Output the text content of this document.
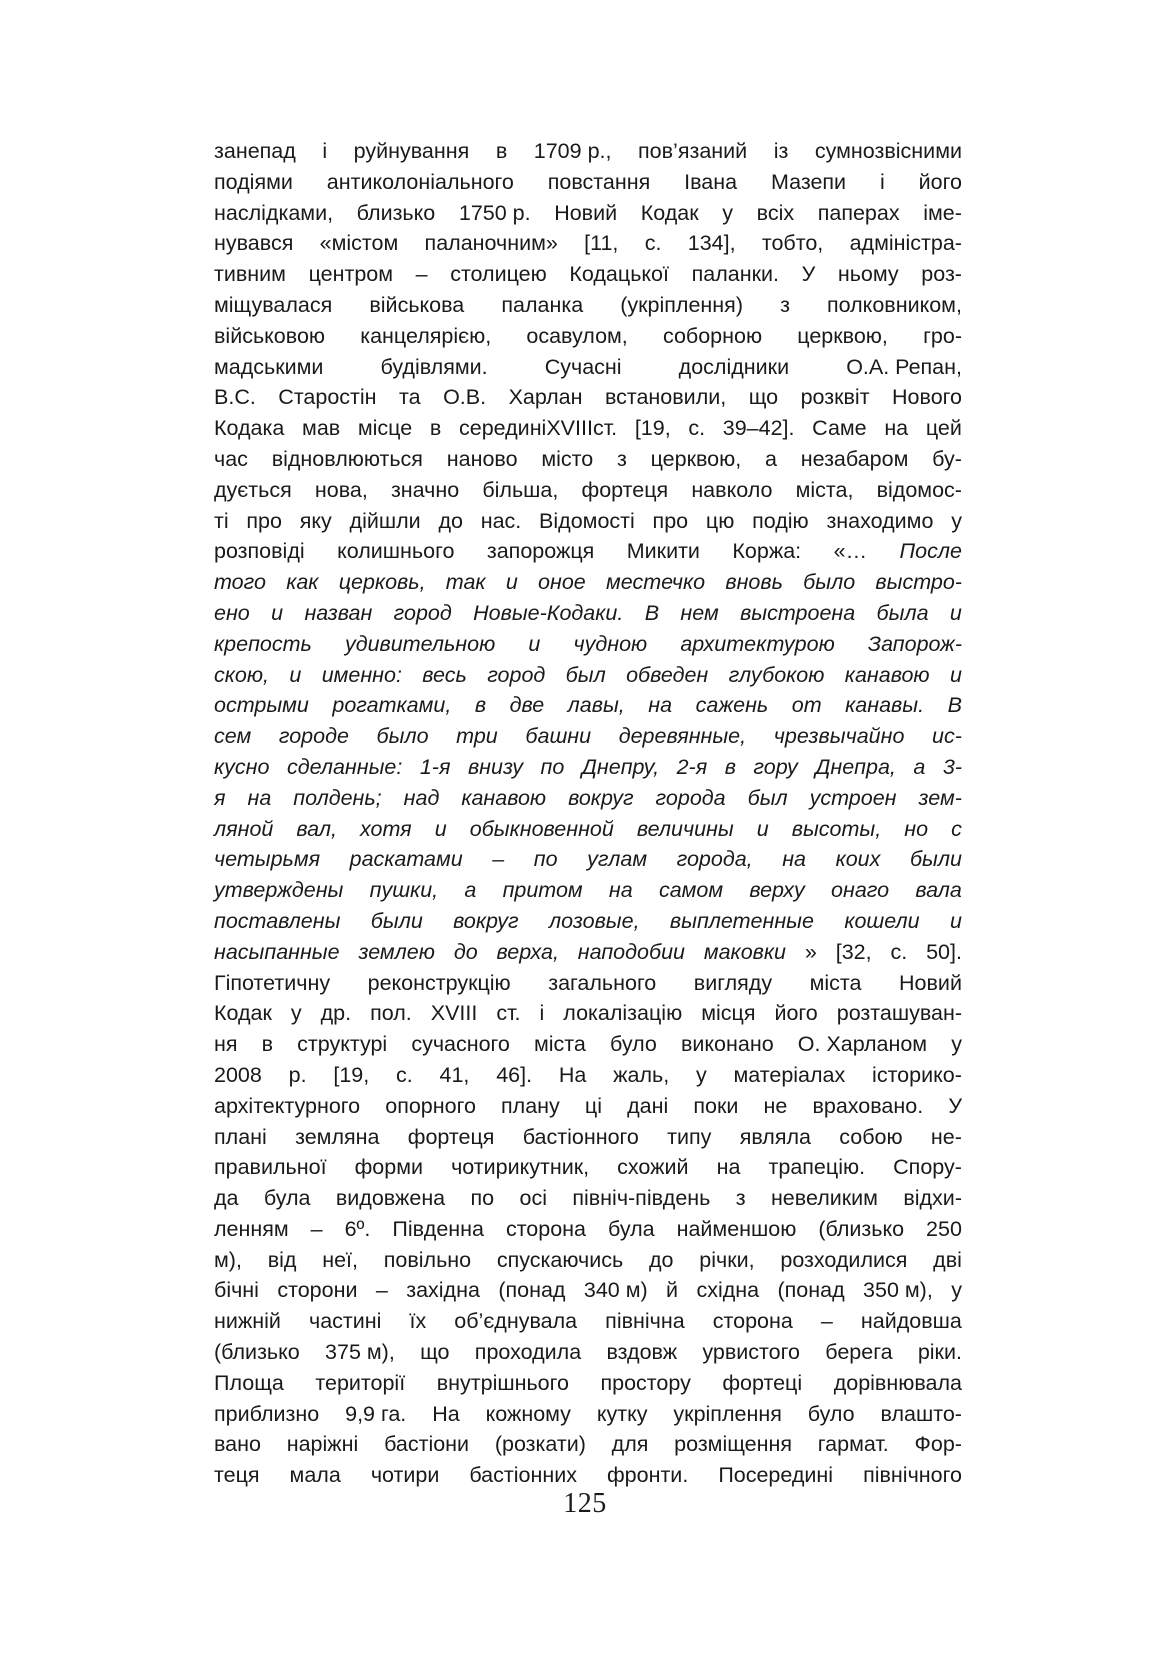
занепад і руйнування в 1709 р., пов’язаний із сумнозвісними
подіями антиколоніального повстання Івана Мазепи і його
наслідками, близько 1750 р. Новий Кодак у всіх паперах іме-
нувався «містом паланочним» [11, с. 134], тобто, адміністра-
тивним центром – столицею Кодацької паланки. У ньому роз-
міщувалася військова паланка (укріплення) з полковником,
військовою канцелярією, осавулом, соборною церквою, гро-
мадськими	будівлями.	Сучасні	дослідники	О.А. Репан,
В.С. Старостін та О.В. Харлан встановили, що розквіт Нового
Кодака мав місце в серединіXVIIIст. [19, с. 39–42]. Саме на цей
час відновлюються наново місто з церквою, а незабаром бу-
дується нова, значно більша, фортеця навколо міста, відомос-
ті про яку дійшли до нас. Відомості про цю подію знаходимо у
розповіді колишнього запорожця Микити Коржа: «… После
того как церковь, так и оное местечко вновь было выстро-
ено и назван город Новые-Кодаки. В нем выстроена была и
крепость удивительною и чудною архитектурою Запорож-
скою, и именно: весь город был обведен глубокою канавою и
острыми рогатками, в две лавы, на сажень от канавы. В
сем городе было три башни деревянные, чрезвычайно ис-
кусно сделанные: 1-я внизу по Днепру, 2-я в гору Днепра, а 3-
я на полдень; над канавою вокруг города был устроен зем-
ляной вал, хотя и обыкновенной величины и высоты, но с
четырьмя раскатами – по углам города, на коих были
утверждены пушки, а притом на самом верху онаго вала
поставлены были вокруг лозовые, выплетенные кошели и
насыпанные землею до верха, наподобии маковки » [32, с. 50].
Гіпотетичну реконструкцію загального вигляду міста Новий
Кодак у др. пол. XVIII ст. і локалізацію місця його розташуван-
ня в структурі сучасного міста було виконано О. Харланом у
2008 р. [19, с. 41, 46]. На жаль, у матеріалах історико-
архітектурного опорного плану ці дані поки не враховано. У
плані земляна фортеця бастіонного типу являла собою не-
правильної форми чотирикутник, схожий на трапецію. Спору-
да була видовжена по осі північ-південь з невеликим відхи-
ленням – 6º. Південна сторона була найменшою (близько 250
м), від неї, повільно спускаючись до річки, розходилися дві
бічні сторони – західна (понад 340 м) й східна (понад 350 м), у
нижній частині їх об’єднувала північна сторона – найдовша
(близько 375 м), що проходила вздовж урвистого берега ріки.
Площа території внутрішнього простору фортеці дорівнювала
приблизно 9,9 га. На кожному кутку укріплення було влашто-
вано наріжні бастіони (розкати) для розміщення гармат. Фор-
теця мала чотири бастіонних фронти. Посередині північного
125
